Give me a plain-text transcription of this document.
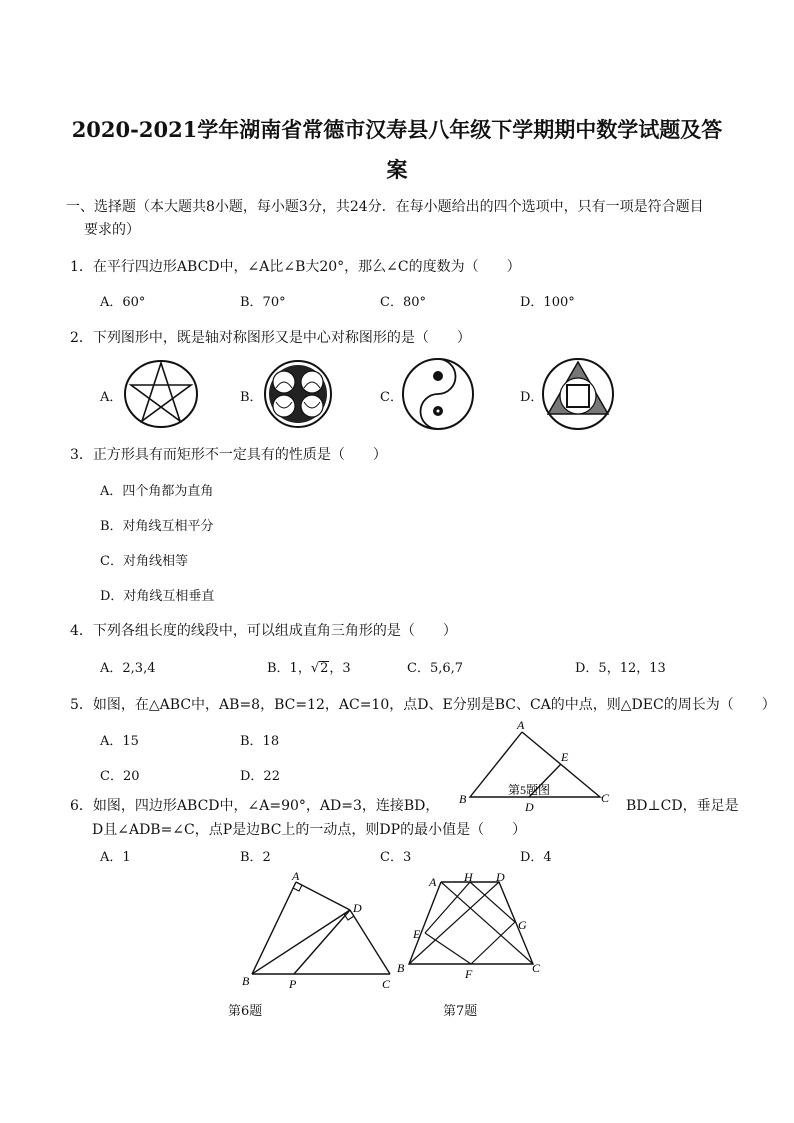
2020-2021学年湖南省常德市汉寿县八年级下学期期中数学试题及答
案
一、选择题（本大题共8小题，每小题3分，共24分．在每小题给出的四个选项中，只有一项是符合题目
要求的）
1．在平行四边形ABCD中，∠A比∠B大20°，那么∠C的度数为（　　）
A．60°	B．70°	C．80°	D．100°
2．下列图形中，既是轴对称图形又是中心对称图形的是（　　）
A．	B．	C．	D．
3．正方形具有而矩形不一定具有的性质是（　　）
A．四个角都为直角
B．对角线互相平分
C．对角线相等
D．对角线互相垂直
4．下列各组长度的线段中，可以组成直角三角形的是（　　）
A．2,3,4	B．1，√2，3	C．5,6,7	D．5，12，13
5．如图，在△ABC中，AB=8，BC=12，AC=10，点D、E分别是BC、CA的中点，则△DEC的周长为（　　）
A．15	B．18
C．20	D．22
A
B	C
D
E
第5题图
6．如图，四边形ABCD中，∠A=90°，AD=3，连接BD，	BD⊥CD，垂足是
D且∠ADB=∠C，点P是边BC上的一动点，则DP的最小值是（　　）
A．1	B．2	C．3	D．4
A
B	C
D
P
第6题
A
B	C
D
E
F
G
H
第7题
